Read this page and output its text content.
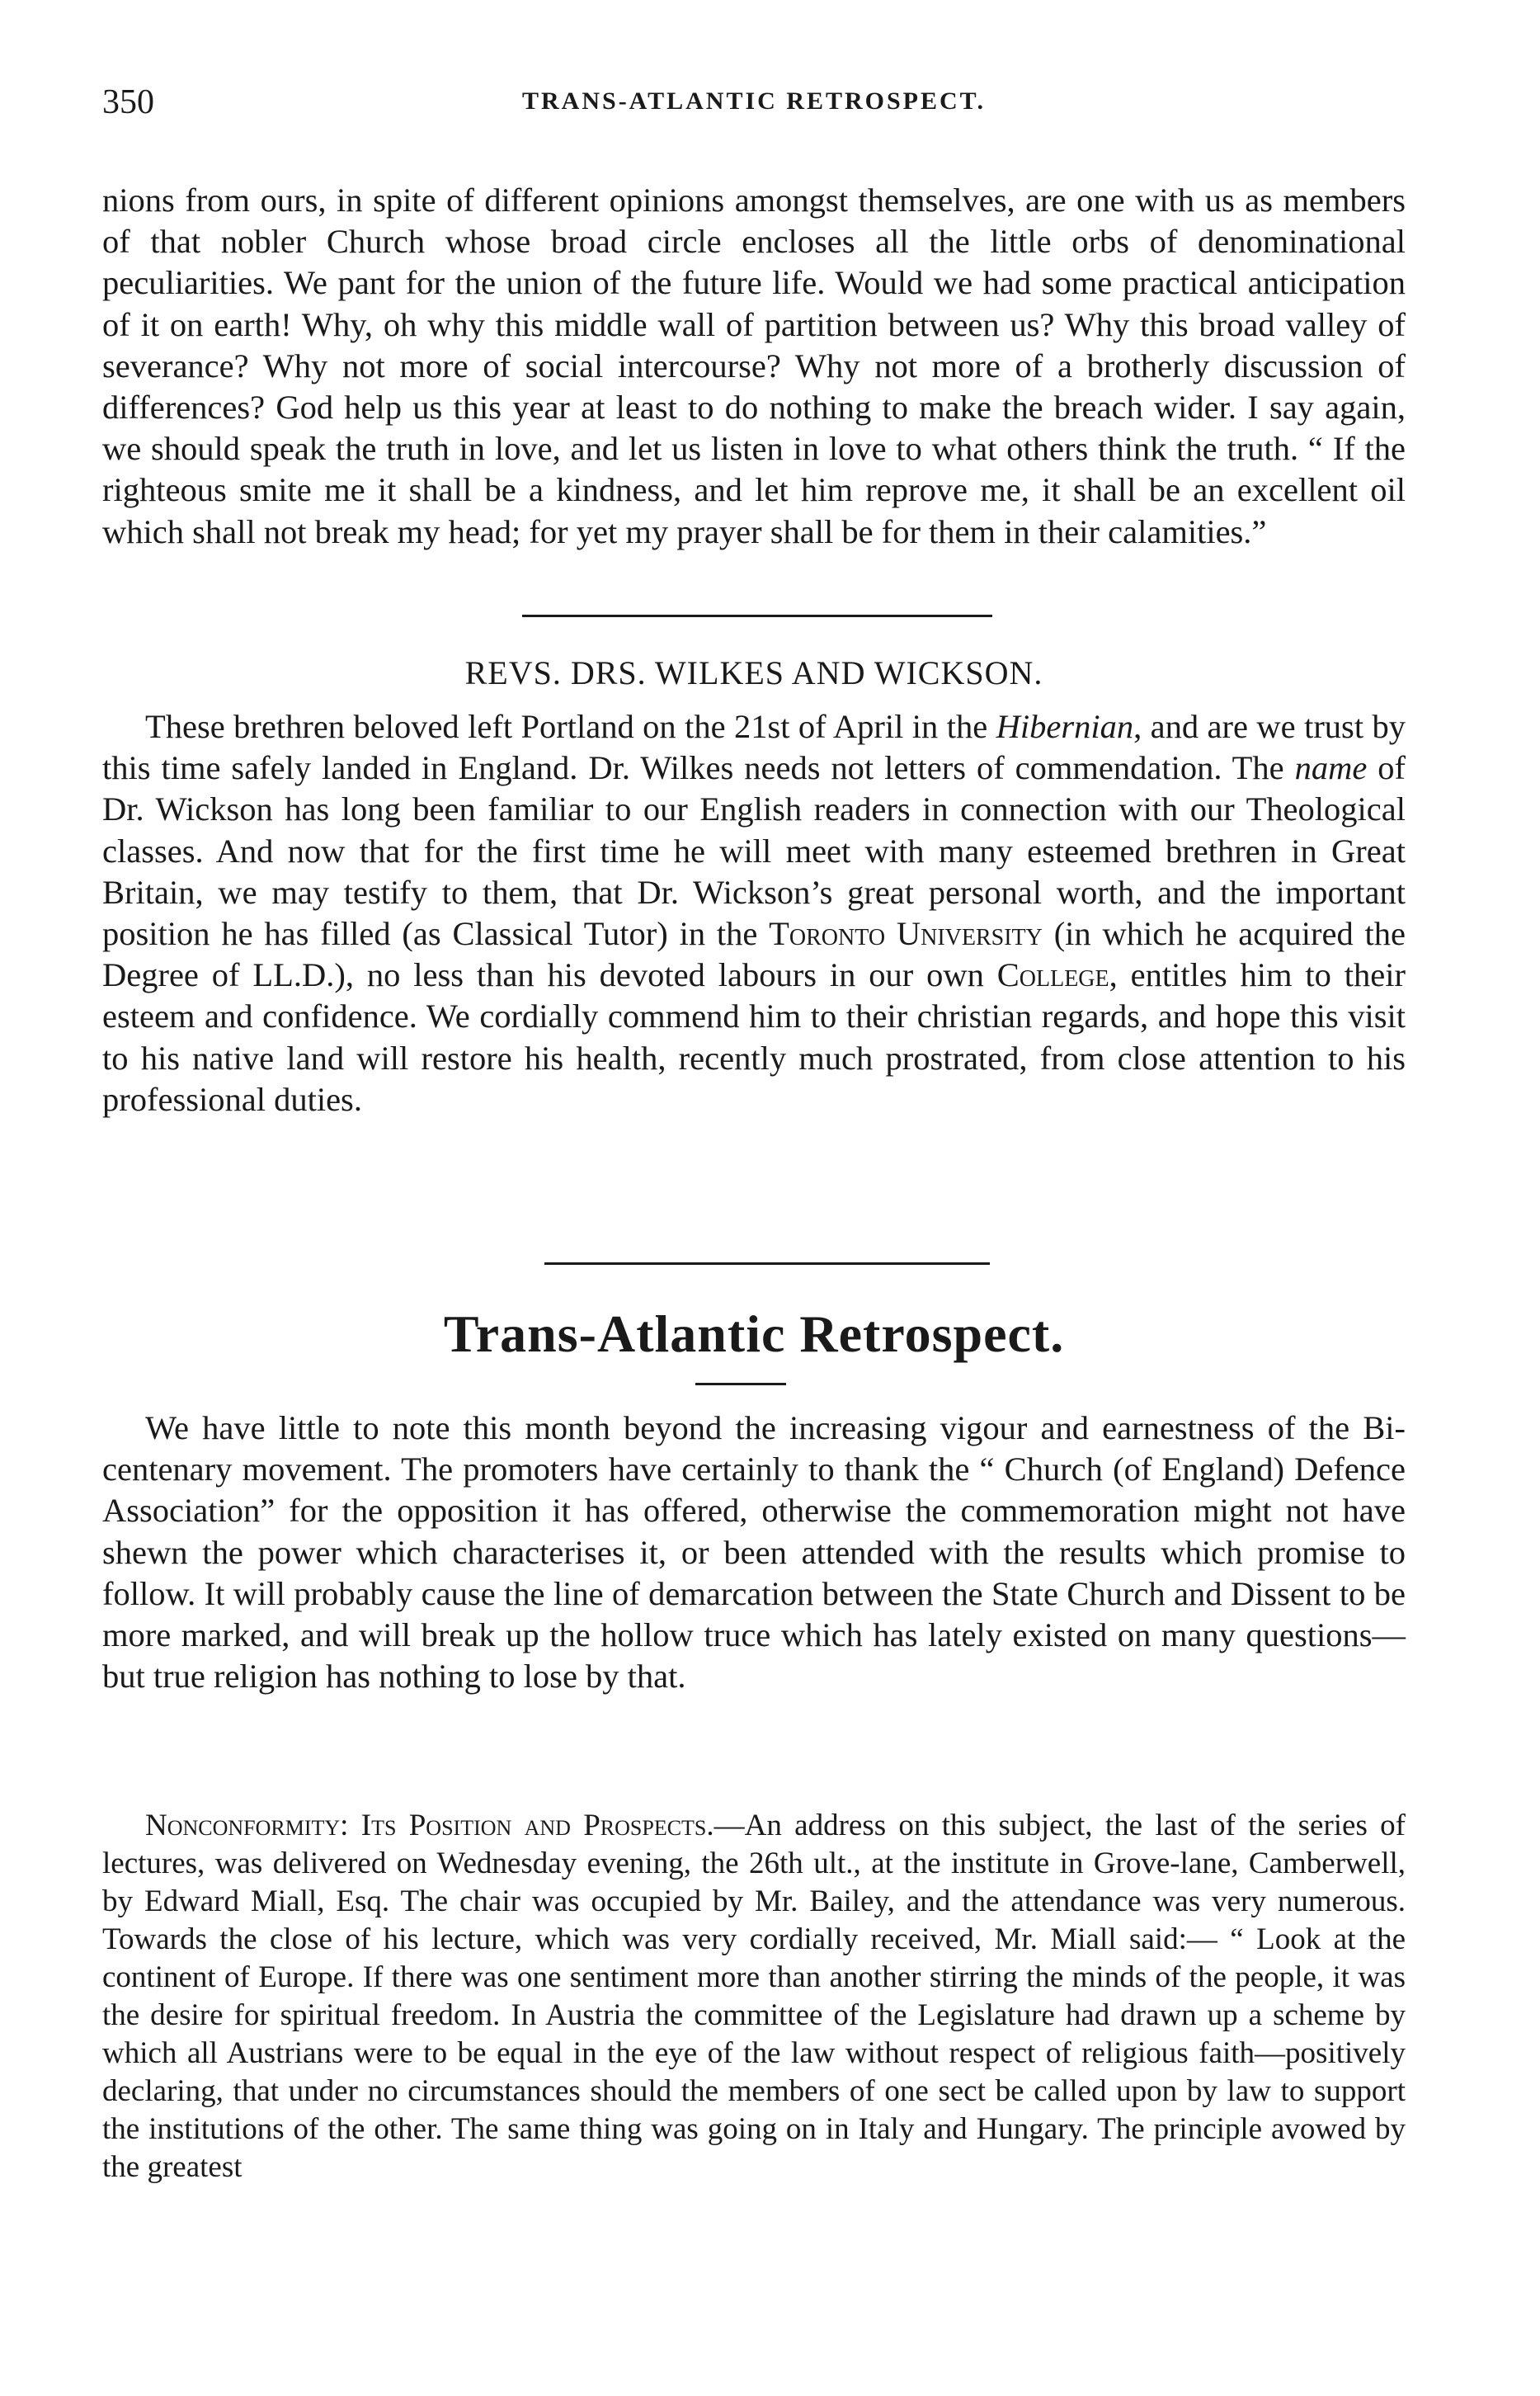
350	TRANS-ATLANTIC RETROSPECT.

nions from ours, in spite of different opinions amongst themselves, are one with us as members of that nobler Church whose broad circle encloses all the little orbs of denominational peculiarities. We pant for the union of the future life. Would we had some practical anticipation of it on earth! Why, oh why this middle wall of partition between us? Why this broad valley of severance? Why not more of social intercourse? Why not more of a brotherly discussion of differences? God help us this year at least to do nothing to make the breach wider. I say again, we should speak the truth in love, and let us listen in love to what others think the truth. “ If the righteous smite me it shall be a kindness, and let him reprove me, it shall be an excellent oil which shall not break my head; for yet my prayer shall be for them in their calamities.”

REVS. DRS. WILKES AND WICKSON.

These brethren beloved left Portland on the 21st of April in the Hibernian, and are we trust by this time safely landed in England. Dr. Wilkes needs not letters of commendation. The name of Dr. Wickson has long been familiar to our English readers in connection with our Theological classes. And now that for the first time he will meet with many esteemed brethren in Great Britain, we may testify to them, that Dr. Wickson’s great personal worth, and the important position he has filled (as Classical Tutor) in the Toronto University (in which he acquired the Degree of LL.D.), no less than his devoted labours in our own College, entitles him to their esteem and confidence. We cordially commend him to their christian regards, and hope this visit to his native land will restore his health, recently much prostrated, from close attention to his professional duties.

Trans-Atlantic Retrospect.

We have little to note this month beyond the increasing vigour and earnestness of the Bi-centenary movement. The promoters have certainly to thank the “ Church (of England) Defence Association” for the opposition it has offered, otherwise the commemoration might not have shewn the power which characterises it, or been attended with the results which promise to follow. It will probably cause the line of demarcation between the State Church and Dissent to be more marked, and will break up the hollow truce which has lately existed on many questions—but true religion has nothing to lose by that.

Nonconformity: Its Position and Prospects.—An address on this subject, the last of the series of lectures, was delivered on Wednesday evening, the 26th ult., at the institute in Grove-lane, Camberwell, by Edward Miall, Esq. The chair was occupied by Mr. Bailey, and the attendance was very numerous. Towards the close of his lecture, which was very cordially received, Mr. Miall said:— “ Look at the continent of Europe. If there was one sentiment more than another stirring the minds of the people, it was the desire for spiritual freedom. In Austria the committee of the Legislature had drawn up a scheme by which all Austrians were to be equal in the eye of the law without respect of religious faith—positively declaring, that under no circumstances should the members of one sect be called upon by law to support the institutions of the other. The same thing was going on in Italy and Hungary. The principle avowed by the greatest
